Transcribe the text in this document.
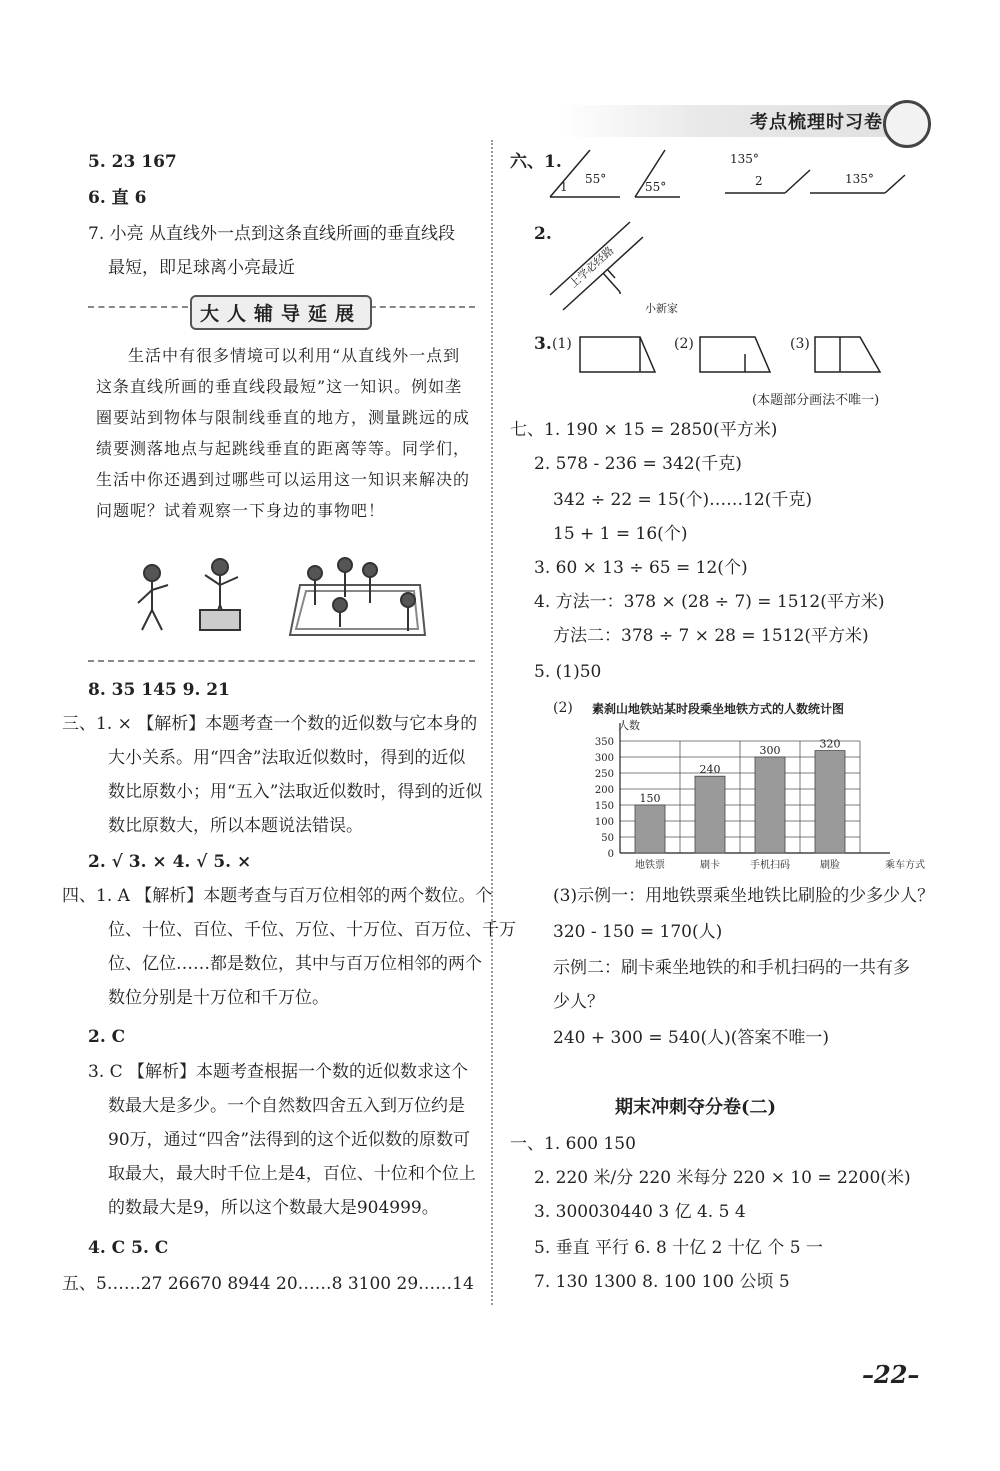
考点梳理时习卷
5. 23 167
6. 直 6
7. 小亮 从直线外一点到这条直线所画的垂直线段
最短，即足球离小亮最近
大人辅导延展
生活中有很多情境可以利用“从直线外一点到这条直线所画的垂直线段最短”这一知识。例如垄圈要站到物体与限制线垂直的地方，测量跳远的成绩要测落地点与起跳线垂直的距离等等。同学们，生活中你还遇到过哪些可以运用这一知识来解决的问题呢？试着观察一下身边的事物吧！
8. 35 145 9. 21
三、1. × 【解析】本题考查一个数的近似数与它本身的
大小关系。用“四舍”法取近似数时，得到的近似
数比原数小；用“五入”法取近似数时，得到的近似
数比原数大，所以本题说法错误。
2. √ 3. × 4. √ 5. ×
四、1. A 【解析】本题考查与百万位相邻的两个数位。个
位、十位、百位、千位、万位、十万位、百万位、千万
位、亿位……都是数位，其中与百万位相邻的两个
数位分别是十万位和千万位。
2. C
3. C 【解析】本题考查根据一个数的近似数求这个
数最大是多少。一个自然数四舍五入到万位约是
90万，通过“四舍”法得到的这个近似数的原数可
取最大，最大时千位上是4，百位、十位和个位上
的数最大是9，所以这个数最大是904999。
4. C 5. C
五、5……27 26670 8944 20……8 3100 29……14
六、1.
1
55°
55°
135°
2	135°
2.
上学必经路
小新家
3. (1)	(2)	(3)
(本题部分画法不唯一)
七、1. 190 × 15 = 2850(平方米)
2. 578 - 236 = 342(千克)
342 ÷ 22 = 15(个)……12(千克)
15 + 1 = 16(个)
3. 60 × 13 ÷ 65 = 12(个)
4. 方法一：378 × (28 ÷ 7) = 1512(平方米)
方法二：378 ÷ 7 × 28 = 1512(平方米)
5. (1)50
(2) 素刹山地铁站某时段乘坐地铁方式的人数统计图
人数
350
300
250
200
150
100
50
0
150
地铁票
240
刷卡
300
手机扫码
320
刷脸	乘车方式
(3)示例一：用地铁票乘坐地铁比刷脸的少多少人？
320 - 150 = 170(人)
示例二：刷卡乘坐地铁的和手机扫码的一共有多
少人？
240 + 300 = 540(人)(答案不唯一)
期末冲刺夺分卷(二)
一、1. 600 150
2. 220 米/分 220 米每分 220 × 10 = 2200(米)
3. 300030440 3 亿 4. 5 4
5. 垂直 平行 6. 8 十亿 2 十亿 个 5 一
7. 130 1300 8. 100 100 公顷 5
–22–
